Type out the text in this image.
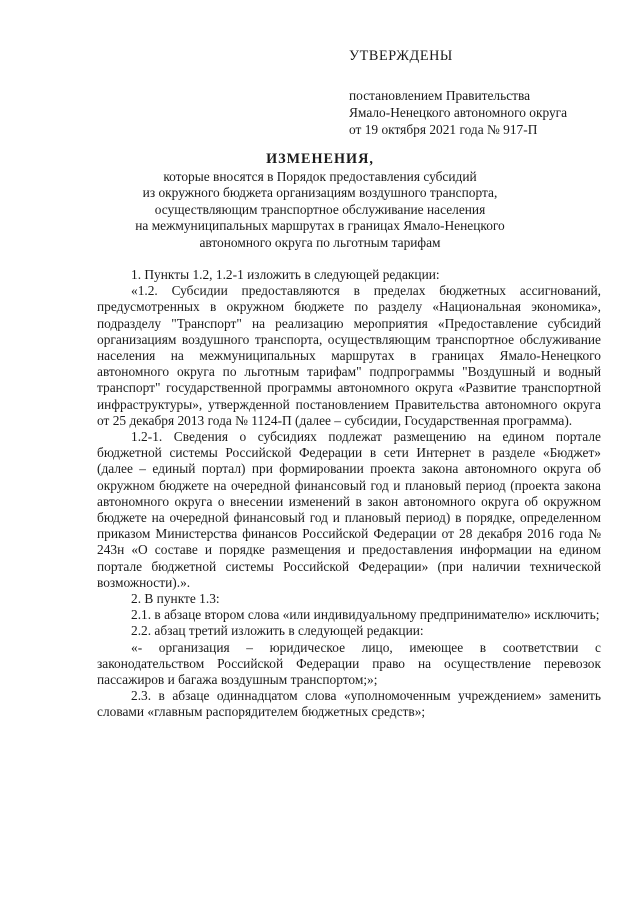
УТВЕРЖДЕНЫ
постановлением Правительства
Ямало-Ненецкого автономного округа
от 19 октября 2021 года № 917-П
ИЗМЕНЕНИЯ,
которые вносятся в Порядок предоставления субсидий
из окружного бюджета организациям воздушного транспорта,
осуществляющим транспортное обслуживание населения
на межмуниципальных маршрутах в границах Ямало-Ненецкого
автономного округа по льготным тарифам

1. Пункты 1.2, 1.2-1 изложить в следующей редакции:

«1.2. Субсидии предоставляются в пределах бюджетных ассигнований, предусмотренных в окружном бюджете по разделу «Национальная экономика», подразделу "Транспорт" на реализацию мероприятия «Предоставление субсидий организациям воздушного транспорта, осуществляющим транспортное обслуживание населения на межмуниципальных маршрутах в границах Ямало-Ненецкого автономного округа по льготным тарифам" подпрограммы "Воздушный и водный транспорт" государственной программы автономного округа «Развитие транспортной инфраструктуры», утвержденной постановлением Правительства автономного округа от 25 декабря 2013 года № 1124-П (далее – субсидии, Государственная программа).

1.2-1. Сведения о субсидиях подлежат размещению на едином портале бюджетной системы Российской Федерации в сети Интернет в разделе «Бюджет» (далее – единый портал) при формировании проекта закона автономного округа об окружном бюджете на очередной финансовый год и плановый период (проекта закона автономного округа о внесении изменений в закон автономного округа об окружном бюджете на очередной финансовый год и плановый период) в порядке, определенном приказом Министерства финансов Российской Федерации от 28 декабря 2016 года № 243н «О составе и порядке размещения и предоставления информации на едином портале бюджетной системы Российской Федерации» (при наличии технической возможности).».

2. В пункте 1.3:

2.1. в абзаце втором слова «или индивидуальному предпринимателю» исключить;

2.2. абзац третий изложить в следующей редакции:

«- организация – юридическое лицо, имеющее в соответствии с законодательством Российской Федерации право на осуществление перевозок пассажиров и багажа воздушным транспортом;»;

2.3. в абзаце одиннадцатом слова «уполномоченным учреждением» заменить словами «главным распорядителем бюджетных средств»;
